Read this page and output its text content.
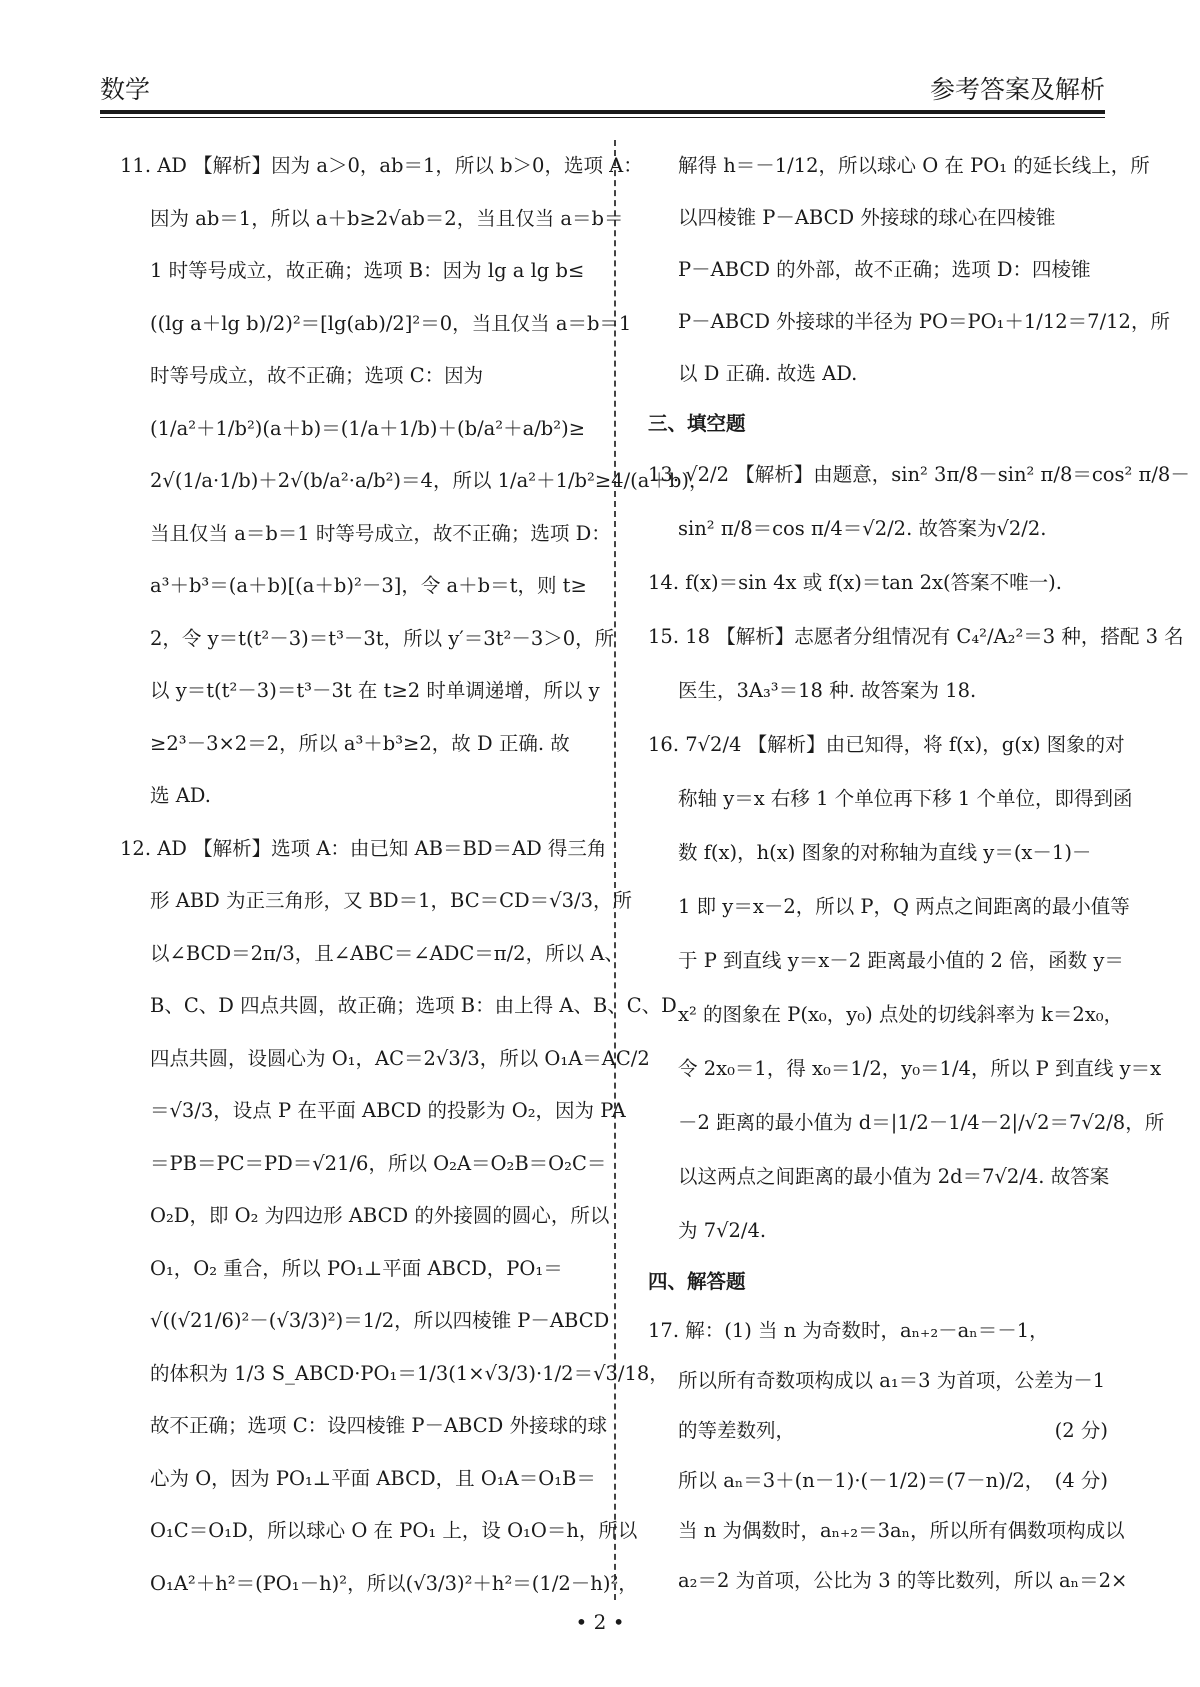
数学	参考答案及解析
11. AD 【解析】因为 a＞0，ab＝1，所以 b＞0，选项 A：
因为 ab＝1，所以 a＋b≥2√ab＝2，当且仅当 a＝b＝
1 时等号成立，故正确；选项 B：因为 lg a lg b≤
((lg a＋lg b)/2)²＝[lg(ab)/2]²＝0，当且仅当 a＝b＝1
时等号成立，故不正确；选项 C：因为
(1/a²＋1/b²)(a＋b)＝(1/a＋1/b)＋(b/a²＋a/b²)≥
2√(1/a·1/b)＋2√(b/a²·a/b²)＝4，所以 1/a²＋1/b²≥4/(a＋b)，
当且仅当 a＝b＝1 时等号成立，故不正确；选项 D：
a³＋b³＝(a＋b)[(a＋b)²－3]，令 a＋b＝t，则 t≥
2，令 y＝t(t²－3)＝t³－3t，所以 y′＝3t²－3＞0，所
以 y＝t(t²－3)＝t³－3t 在 t≥2 时单调递增，所以 y
≥2³－3×2＝2，所以 a³＋b³≥2，故 D 正确. 故
选 AD.
12. AD 【解析】选项 A：由已知 AB＝BD＝AD 得三角
形 ABD 为正三角形，又 BD＝1，BC＝CD＝√3/3，所
以∠BCD＝2π/3，且∠ABC＝∠ADC＝π/2，所以 A、
B、C、D 四点共圆，故正确；选项 B：由上得 A、B、C、D
四点共圆，设圆心为 O₁，AC＝2√3/3，所以 O₁A＝AC/2
＝√3/3，设点 P 在平面 ABCD 的投影为 O₂，因为 PA
＝PB＝PC＝PD＝√21/6，所以 O₂A＝O₂B＝O₂C＝
O₂D，即 O₂ 为四边形 ABCD 的外接圆的圆心，所以
O₁，O₂ 重合，所以 PO₁⊥平面 ABCD，PO₁＝
√((√21/6)²－(√3/3)²)＝1/2，所以四棱锥 P－ABCD
的体积为 1/3 S_ABCD·PO₁＝1/3(1×√3/3)·1/2＝√3/18，
故不正确；选项 C：设四棱锥 P－ABCD 外接球的球
心为 O，因为 PO₁⊥平面 ABCD，且 O₁A＝O₁B＝
O₁C＝O₁D，所以球心 O 在 PO₁ 上，设 O₁O＝h，所以
O₁A²＋h²＝(PO₁－h)²，所以(√3/3)²＋h²＝(1/2－h)²，
解得 h＝－1/12，所以球心 O 在 PO₁ 的延长线上，所
以四棱锥 P－ABCD 外接球的球心在四棱锥
P－ABCD 的外部，故不正确；选项 D：四棱锥
P－ABCD 外接球的半径为 PO＝PO₁＋1/12＝7/12，所
以 D 正确. 故选 AD.
三、填空题
13. √2/2 【解析】由题意，sin² 3π/8－sin² π/8＝cos² π/8－
sin² π/8＝cos π/4＝√2/2. 故答案为√2/2.
14. f(x)＝sin 4x 或 f(x)＝tan 2x(答案不唯一).
15. 18 【解析】志愿者分组情况有 C₄²/A₂²＝3 种，搭配 3 名
医生，3A₃³＝18 种. 故答案为 18.
16. 7√2/4 【解析】由已知得，将 f(x)，g(x) 图象的对
称轴 y＝x 右移 1 个单位再下移 1 个单位，即得到函
数 f(x)，h(x) 图象的对称轴为直线 y＝(x－1)－
1 即 y＝x－2，所以 P，Q 两点之间距离的最小值等
于 P 到直线 y＝x－2 距离最小值的 2 倍，函数 y＝
x² 的图象在 P(x₀，y₀) 点处的切线斜率为 k＝2x₀，
令 2x₀＝1，得 x₀＝1/2，y₀＝1/4，所以 P 到直线 y＝x
－2 距离的最小值为 d＝|1/2－1/4－2|/√2＝7√2/8，所
以这两点之间距离的最小值为 2d＝7√2/4. 故答案
为 7√2/4.
四、解答题
17. 解：(1) 当 n 为奇数时，aₙ₊₂－aₙ＝－1，
所以所有奇数项构成以 a₁＝3 为首项，公差为－1
的等差数列，	(2 分)
所以 aₙ＝3＋(n－1)·(－1/2)＝(7－n)/2， (4 分)
当 n 为偶数时，aₙ₊₂＝3aₙ，所以所有偶数项构成以
a₂＝2 为首项，公比为 3 的等比数列，所以 aₙ＝2×
• 2 •
